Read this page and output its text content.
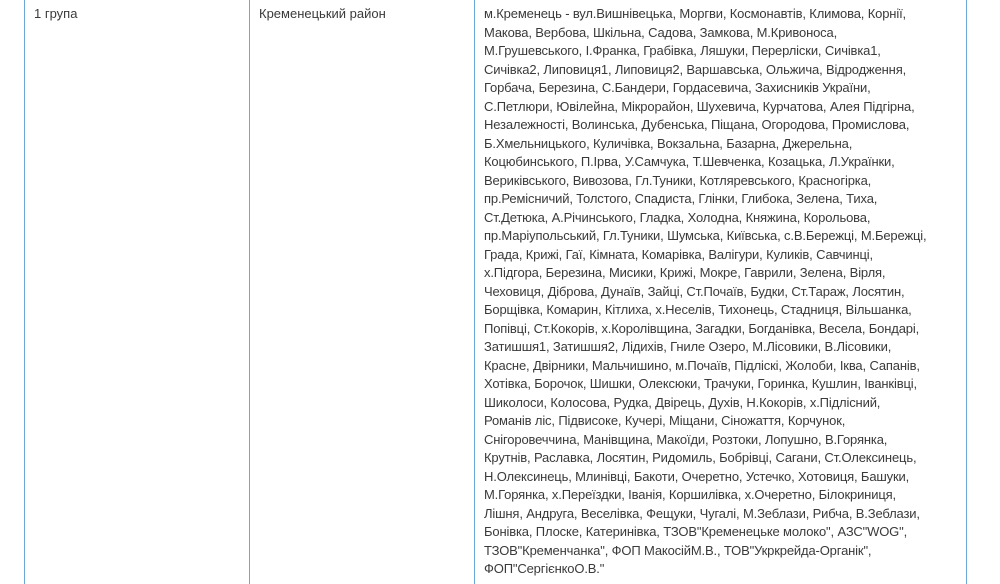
1 група	Кременецький район	м.Кременець - вул.Вишнівецька, Моргви, Космонавтів, Климова, Корнії,
Макова, Вербова, Шкільна, Садова, Замкова, М.Кривоноса,
М.Грушевського, І.Франка, Грабівка, Ляшуки, Перерліски, Сичівка1,
Сичівка2, Липовиця1, Липовиця2, Варшавська, Ольжича, Відродження,
Горбача, Березина, С.Бандери, Гордасевича, Захисників України,
С.Петлюри, Ювілейна, Мікрорайон, Шухевича, Курчатова, Алея Підгірна,
Незалежності, Волинська, Дубенська, Піщана, Огородова, Промислова,
Б.Хмельницького, Куличівка, Вокзальна, Базарна, Джерельна,
Коцюбинського, П.Ірва, У.Самчука, Т.Шевченка, Козацька, Л.Українки,
Вериківського, Вивозова, Гл.Туники, Котляревського, Красногірка,
пр.Ремісничий, Толстого, Спадиста, Глінки, Глибока, Зелена, Тиха,
Ст.Детюка, А.Річинського, Гладка, Холодна, Княжина, Корольова,
пр.Маріупольський, Гл.Туники, Шумська, Київська, с.В.Бережці, М.Бережці,
Града, Крижі, Гаї, Кімната, Комарівка, Валігури, Куликів, Савчинці,
х.Підгора, Березина, Мисики, Крижі, Мокре, Гаврили, Зелена, Вірля,
Чеховиця, Діброва, Дунаїв, Зайці, Ст.Почаїв, Будки, Ст.Тараж, Лосятин,
Борщівка, Комарин, Кітлиха, х.Неселів, Тихонець, Стадниця, Вільшанка,
Попівці, Ст.Кокорів, х.Королівщина, Загадки, Богданівка, Весела, Бондарі,
Затишшя1, Затишшя2, Лідихів, Гниле Озеро, М.Лісовики, В.Лісовики,
Красне, Двірники, Мальчишино, м.Почаїв, Підліскі, Жолоби, Іква, Сапанів,
Хотівка, Борочок, Шишки, Олексюки, Трачуки, Горинка, Кушлин, Іванківці,
Шиколоси, Колосова, Рудка, Двірець, Духів, Н.Кокорів, х.Підлісний,
Романів ліс, Підвисоке, Кучері, Міщани, Сіножаття, Корчунок,
Снігоровеччина, Манівщина, Макоїди, Розтоки, Лопушно, В.Горянка,
Крутнів, Раславка, Лосятин, Ридомиль, Бобрівці, Сагани, Ст.Олексинець,
Н.Олексинець, Млинівці, Бакоти, Очеретно, Устечко, Хотовиця, Башуки,
М.Горянка, х.Переїздки, Іванія, Коршилівка, х.Очеретно, Білокриниця,
Лішня, Андруга, Веселівка, Фещуки, Чугалі, М.Зеблази, Рибча, В.Зеблази,
Бонівка, Плоске, Катеринівка, ТЗОВ"Кременецьке молоко", АЗС"WOG",
ТЗОВ"Кременчанка", ФОП МакосійМ.В., ТОВ"Укркрейда-Органік",
ФОП"СергієнкоО.В."
